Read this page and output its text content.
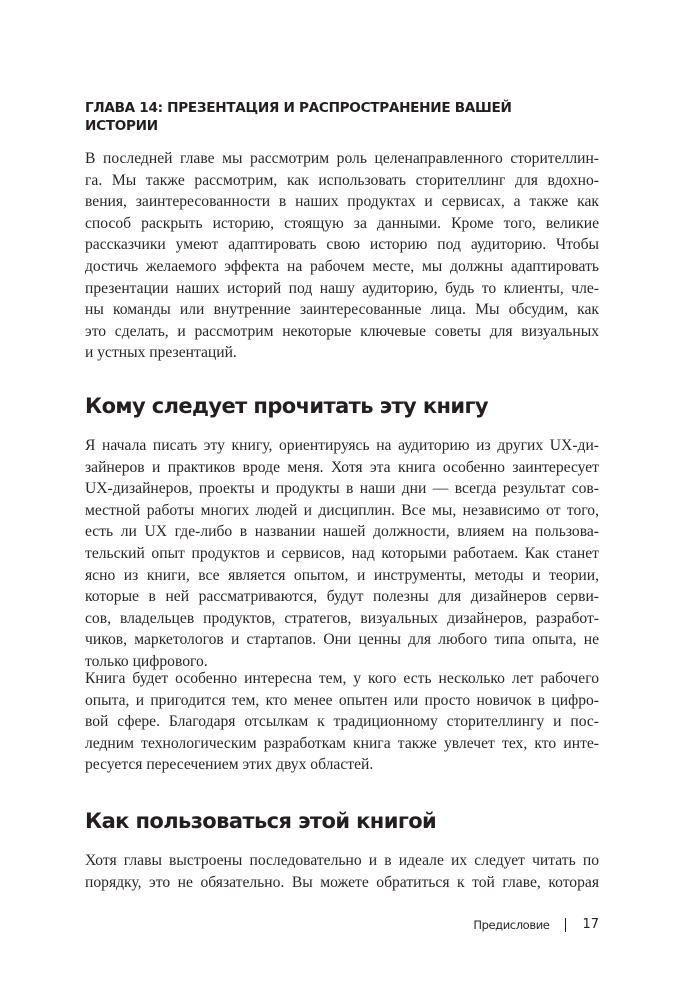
ГЛАВА 14: ПРЕЗЕНТАЦИЯ И РАСПРОСТРАНЕНИЕ ВАШЕЙ
ИСТОРИИ
В последней главе мы рассмотрим роль целенаправленного сторителлин-
га. Мы также рассмотрим, как использовать сторителлинг для вдохно-
вения, заинтересованности в наших продуктах и сервисах, а также как
способ раскрыть историю, стоящую за данными. Кроме того, великие
рассказчики умеют адаптировать свою историю под аудиторию. Чтобы
достичь желаемого эффекта на рабочем месте, мы должны адаптировать
презентации наших историй под нашу аудиторию, будь то клиенты, чле-
ны команды или внутренние заинтересованные лица. Мы обсудим, как
это сделать, и рассмотрим некоторые ключевые советы для визуальных
и устных презентаций.
Кому следует прочитать эту книгу
Я начала писать эту книгу, ориентируясь на аудиторию из других UX-ди-
зайнеров и практиков вроде меня. Хотя эта книга особенно заинтересует
UX-дизайнеров, проекты и продукты в наши дни — всегда результат сов-
местной работы многих людей и дисциплин. Все мы, независимо от того,
есть ли UX где-либо в названии нашей должности, влияем на пользова-
тельский опыт продуктов и сервисов, над которыми работаем. Как станет
ясно из книги, все является опытом, и инструменты, методы и теории,
которые в ней рассматриваются, будут полезны для дизайнеров серви-
сов, владельцев продуктов, стратегов, визуальных дизайнеров, разработ-
чиков, маркетологов и стартапов. Они ценны для любого типа опыта, не
только цифрового.
Книга будет особенно интересна тем, у кого есть несколько лет рабочего
опыта, и пригодится тем, кто менее опытен или просто новичок в цифро-
вой сфере. Благодаря отсылкам к традиционному сторителлингу и пос-
ледним технологическим разработкам книга также увлечет тех, кто инте-
ресуется пересечением этих двух областей.
Как пользоваться этой книгой
Хотя главы выстроены последовательно и в идеале их следует читать по
порядку, это не обязательно. Вы можете обратиться к той главе, которая
Предисловие	17
